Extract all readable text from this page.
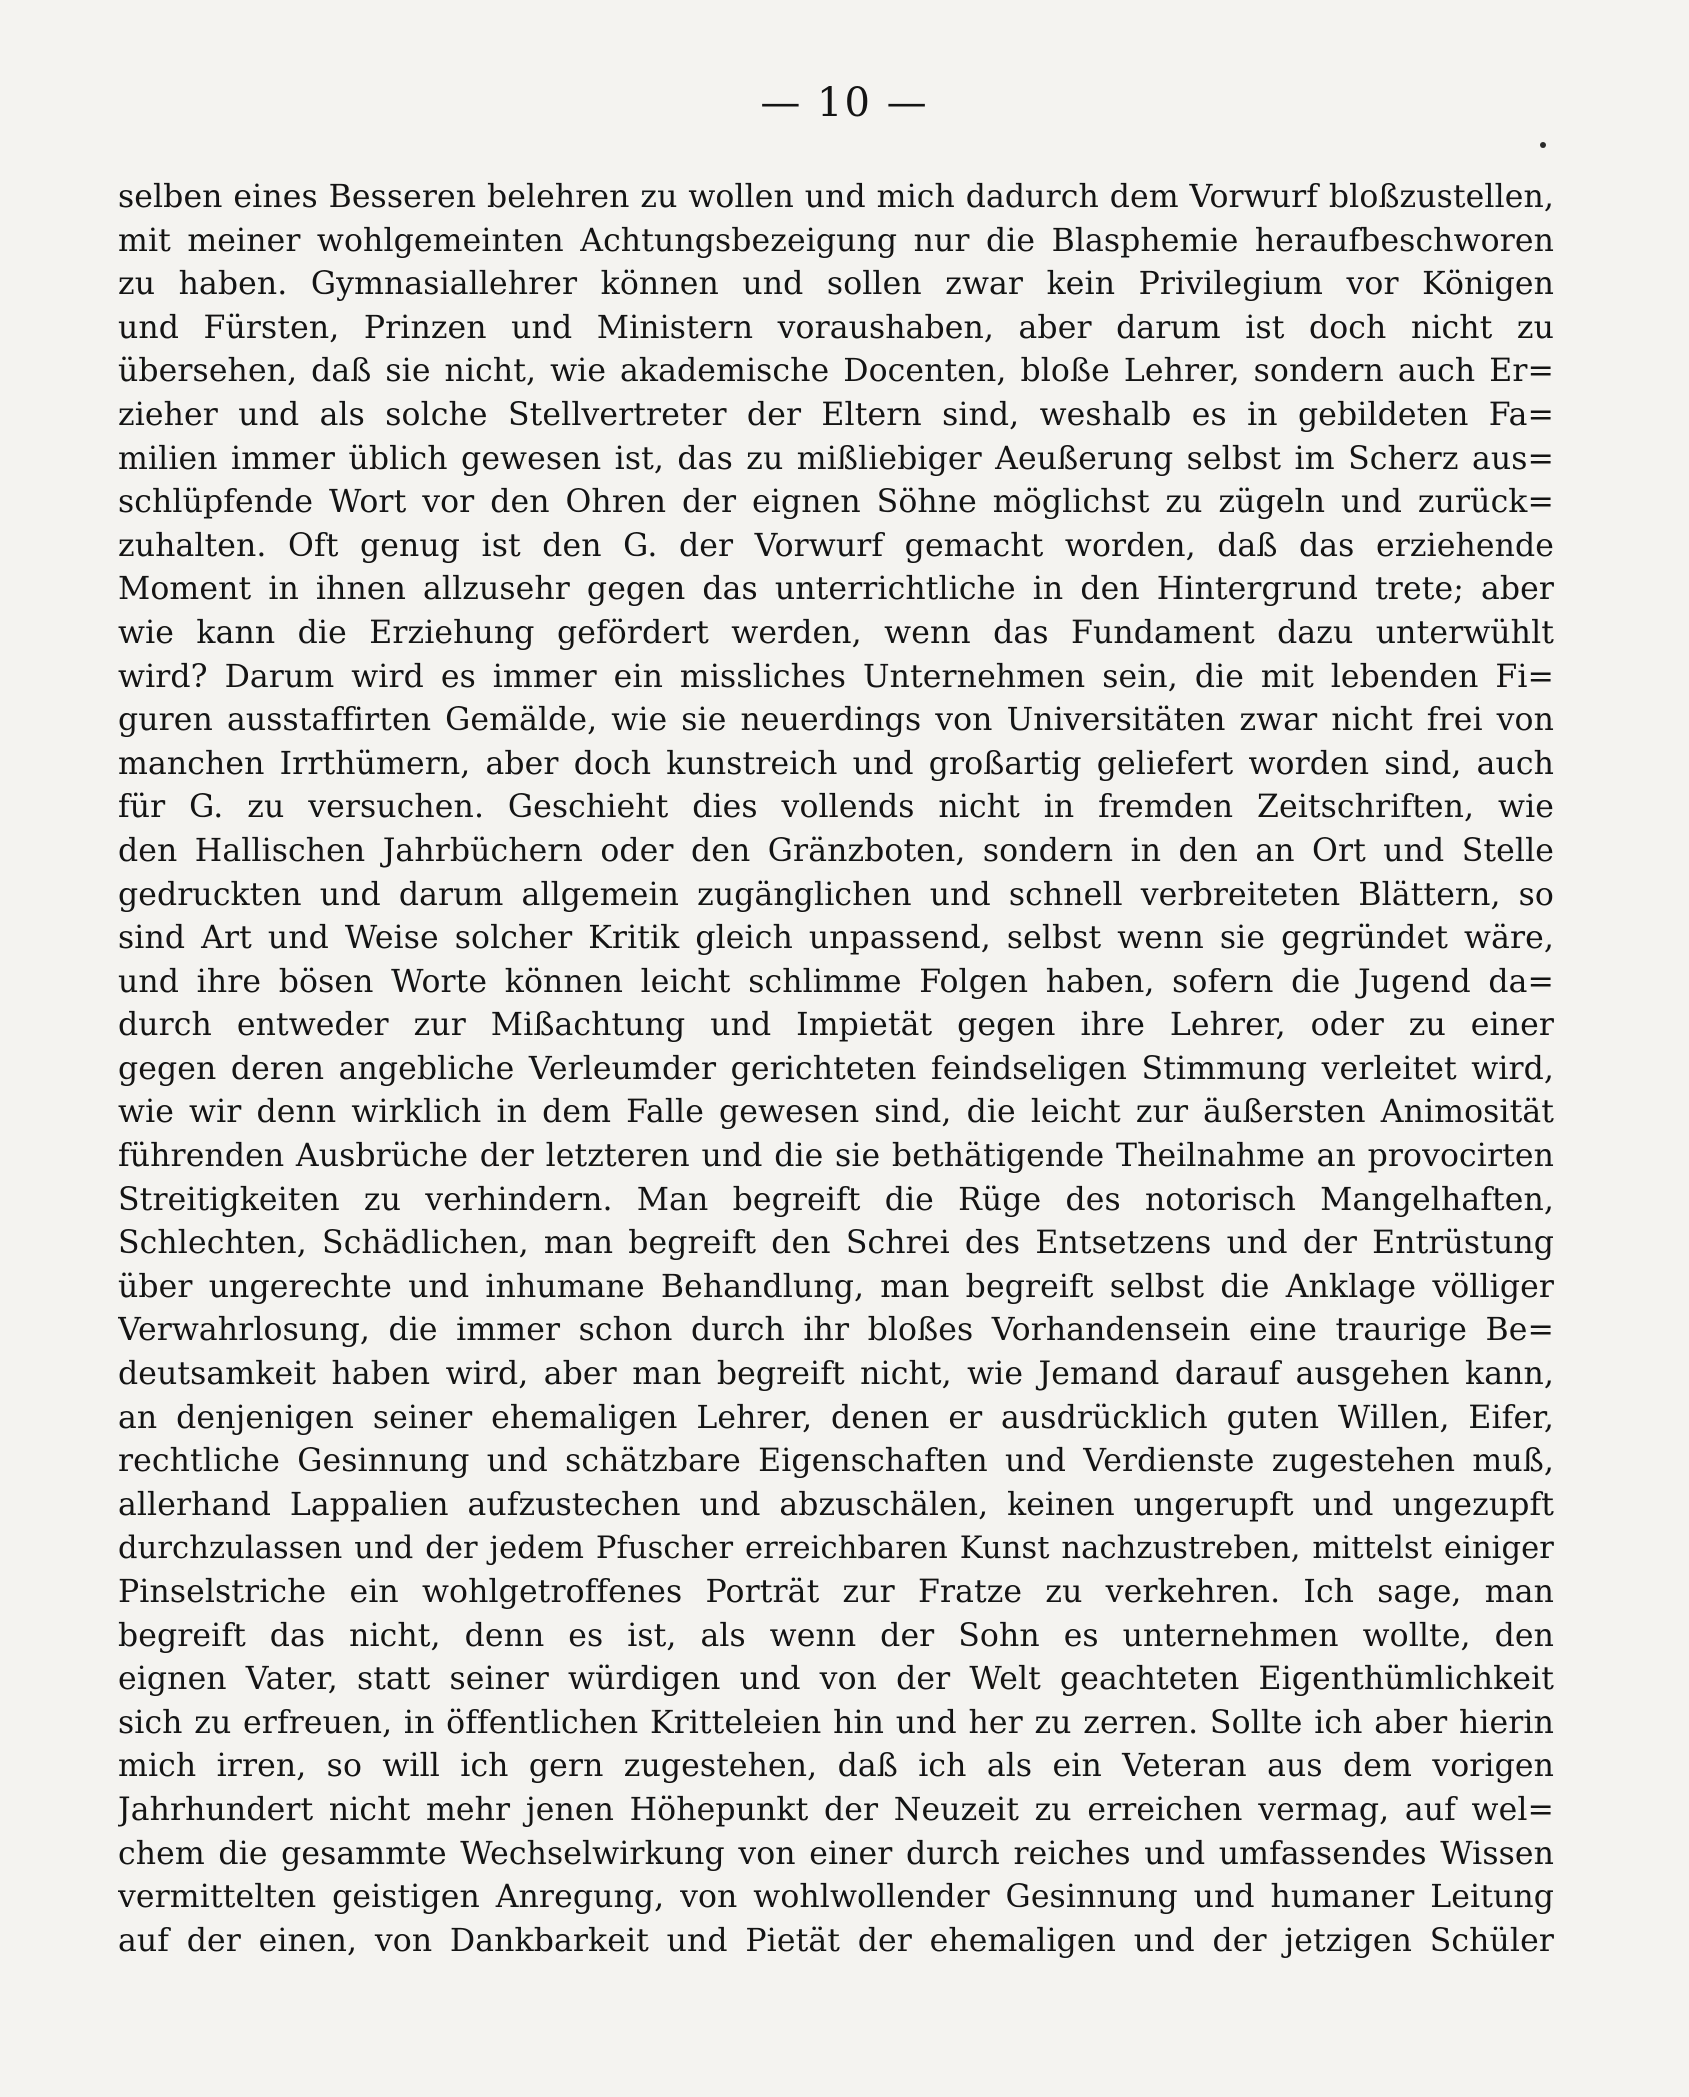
— 10 —
selben eines Besseren belehren zu wollen und mich dadurch dem Vorwurf bloßzustellen,
mit meiner wohlgemeinten Achtungsbezeigung nur die Blasphemie heraufbeschworen
zu haben. Gymnasiallehrer können und sollen zwar kein Privilegium vor Königen
und Fürsten, Prinzen und Ministern voraushaben, aber darum ist doch nicht zu
übersehen, daß sie nicht, wie akademische Docenten, bloße Lehrer, sondern auch Er=
zieher und als solche Stellvertreter der Eltern sind, weshalb es in gebildeten Fa=
milien immer üblich gewesen ist, das zu mißliebiger Aeußerung selbst im Scherz aus=
schlüpfende Wort vor den Ohren der eignen Söhne möglichst zu zügeln und zurück=
zuhalten. Oft genug ist den G. der Vorwurf gemacht worden, daß das erziehende
Moment in ihnen allzusehr gegen das unterrichtliche in den Hintergrund trete; aber
wie kann die Erziehung gefördert werden, wenn das Fundament dazu unterwühlt
wird? Darum wird es immer ein missliches Unternehmen sein, die mit lebenden Fi=
guren ausstaffirten Gemälde, wie sie neuerdings von Universitäten zwar nicht frei von
manchen Irrthümern, aber doch kunstreich und großartig geliefert worden sind, auch
für G. zu versuchen. Geschieht dies vollends nicht in fremden Zeitschriften, wie
den Hallischen Jahrbüchern oder den Gränzboten, sondern in den an Ort und Stelle
gedruckten und darum allgemein zugänglichen und schnell verbreiteten Blättern, so
sind Art und Weise solcher Kritik gleich unpassend, selbst wenn sie gegründet wäre,
und ihre bösen Worte können leicht schlimme Folgen haben, sofern die Jugend da=
durch entweder zur Mißachtung und Impietät gegen ihre Lehrer, oder zu einer
gegen deren angebliche Verleumder gerichteten feindseligen Stimmung verleitet wird,
wie wir denn wirklich in dem Falle gewesen sind, die leicht zur äußersten Animosität
führenden Ausbrüche der letzteren und die sie bethätigende Theilnahme an provocirten
Streitigkeiten zu verhindern. Man begreift die Rüge des notorisch Mangelhaften,
Schlechten, Schädlichen, man begreift den Schrei des Entsetzens und der Entrüstung
über ungerechte und inhumane Behandlung, man begreift selbst die Anklage völliger
Verwahrlosung, die immer schon durch ihr bloßes Vorhandensein eine traurige Be=
deutsamkeit haben wird, aber man begreift nicht, wie Jemand darauf ausgehen kann,
an denjenigen seiner ehemaligen Lehrer, denen er ausdrücklich guten Willen, Eifer,
rechtliche Gesinnung und schätzbare Eigenschaften und Verdienste zugestehen muß,
allerhand Lappalien aufzustechen und abzuschälen, keinen ungerupft und ungezupft
durchzulassen und der jedem Pfuscher erreichbaren Kunst nachzustreben, mittelst einiger
Pinselstriche ein wohlgetroffenes Porträt zur Fratze zu verkehren. Ich sage, man
begreift das nicht, denn es ist, als wenn der Sohn es unternehmen wollte, den
eignen Vater, statt seiner würdigen und von der Welt geachteten Eigenthümlichkeit
sich zu erfreuen, in öffentlichen Kritteleien hin und her zu zerren. Sollte ich aber hierin
mich irren, so will ich gern zugestehen, daß ich als ein Veteran aus dem vorigen
Jahrhundert nicht mehr jenen Höhepunkt der Neuzeit zu erreichen vermag, auf wel=
chem die gesammte Wechselwirkung von einer durch reiches und umfassendes Wissen
vermittelten geistigen Anregung, von wohlwollender Gesinnung und humaner Leitung
auf der einen, von Dankbarkeit und Pietät der ehemaligen und der jetzigen Schüler
